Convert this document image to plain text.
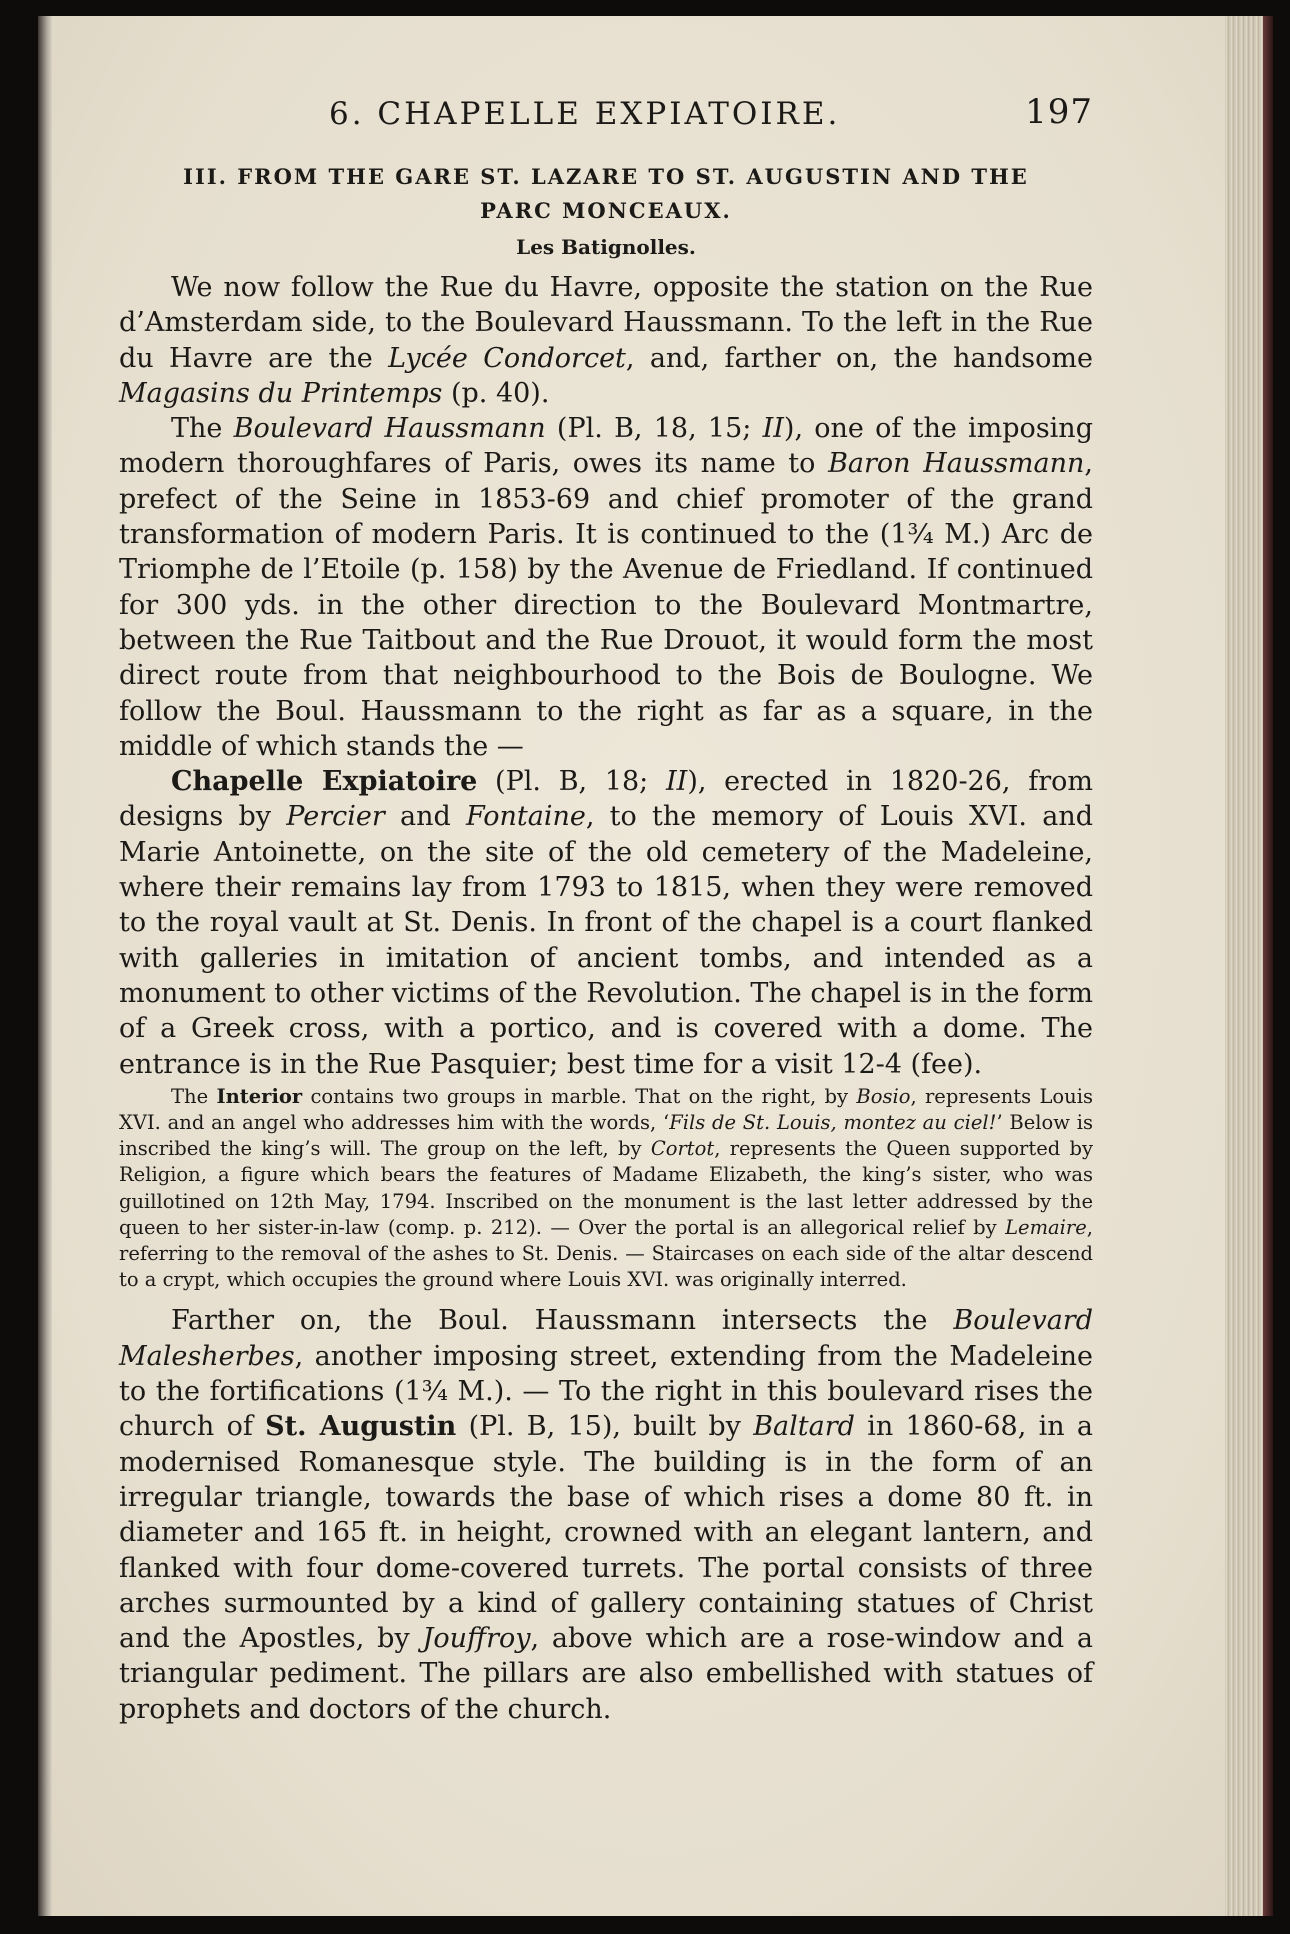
6. CHAPELLE EXPIATOIRE.	197
III. FROM THE GARE ST. LAZARE TO ST. AUGUSTIN AND THE
PARC MONCEAUX.
Les Batignolles.

We now follow the Rue du Havre, opposite the station on the Rue d’Amsterdam side, to the Boulevard Haussmann. To the left in the Rue du Havre are the Lycée Condorcet, and, farther on, the handsome Magasins du Printemps (p. 40).

The Boulevard Haussmann (Pl. B, 18, 15; II), one of the imposing modern thoroughfares of Paris, owes its name to Baron Haussmann, prefect of the Seine in 1853-69 and chief promoter of the grand transformation of modern Paris. It is continued to the (1¾ M.) Arc de Triomphe de l’Etoile (p. 158) by the Avenue de Friedland. If continued for 300 yds. in the other direction to the Boulevard Montmartre, between the Rue Taitbout and the Rue Drouot, it would form the most direct route from that neighbourhood to the Bois de Boulogne. We follow the Boul. Haussmann to the right as far as a square, in the middle of which stands the —

Chapelle Expiatoire (Pl. B, 18; II), erected in 1820-26, from designs by Percier and Fontaine, to the memory of Louis XVI. and Marie Antoinette, on the site of the old cemetery of the Madeleine, where their remains lay from 1793 to 1815, when they were removed to the royal vault at St. Denis. In front of the chapel is a court flanked with galleries in imitation of ancient tombs, and intended as a monument to other victims of the Revolution. The chapel is in the form of a Greek cross, with a portico, and is covered with a dome. The entrance is in the Rue Pasquier; best time for a visit 12-4 (fee).

The Interior contains two groups in marble. That on the right, by Bosio, represents Louis XVI. and an angel who addresses him with the words, ‘Fils de St. Louis, montez au ciel!’ Below is inscribed the king’s will. The group on the left, by Cortot, represents the Queen supported by Religion, a figure which bears the features of Madame Elizabeth, the king’s sister, who was guillotined on 12th May, 1794. Inscribed on the monument is the last letter addressed by the queen to her sister-in-law (comp. p. 212). — Over the portal is an allegorical relief by Lemaire, referring to the removal of the ashes to St. Denis. — Staircases on each side of the altar descend to a crypt, which occupies the ground where Louis XVI. was originally interred.

Farther on, the Boul. Haussmann intersects the Boulevard Malesherbes, another imposing street, extending from the Madeleine to the fortifications (1¾ M.). — To the right in this boulevard rises the church of St. Augustin (Pl. B, 15), built by Baltard in 1860-68, in a modernised Romanesque style. The building is in the form of an irregular triangle, towards the base of which rises a dome 80 ft. in diameter and 165 ft. in height, crowned with an elegant lantern, and flanked with four dome-covered turrets. The portal consists of three arches surmounted by a kind of gallery containing statues of Christ and the Apostles, by Jouffroy, above which are a rose-window and a triangular pediment. The pillars are also embellished with statues of prophets and doctors of the church.
